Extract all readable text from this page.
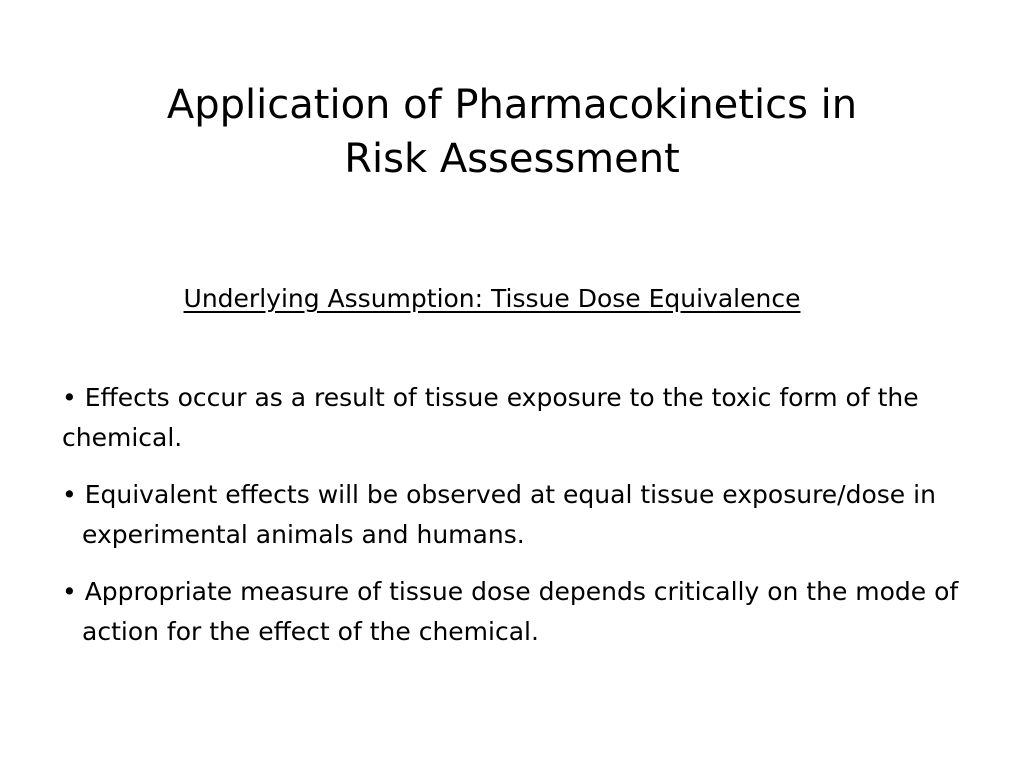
Application of Pharmacokinetics in
Risk Assessment

Underlying Assumption: Tissue Dose Equivalence

• Effects occur as a result of tissue exposure to the toxic form of the chemical.
• Equivalent effects will be observed at equal tissue exposure/dose in experimental animals and humans.
• Appropriate measure of tissue dose depends critically on the mode of action for the effect of the chemical.
